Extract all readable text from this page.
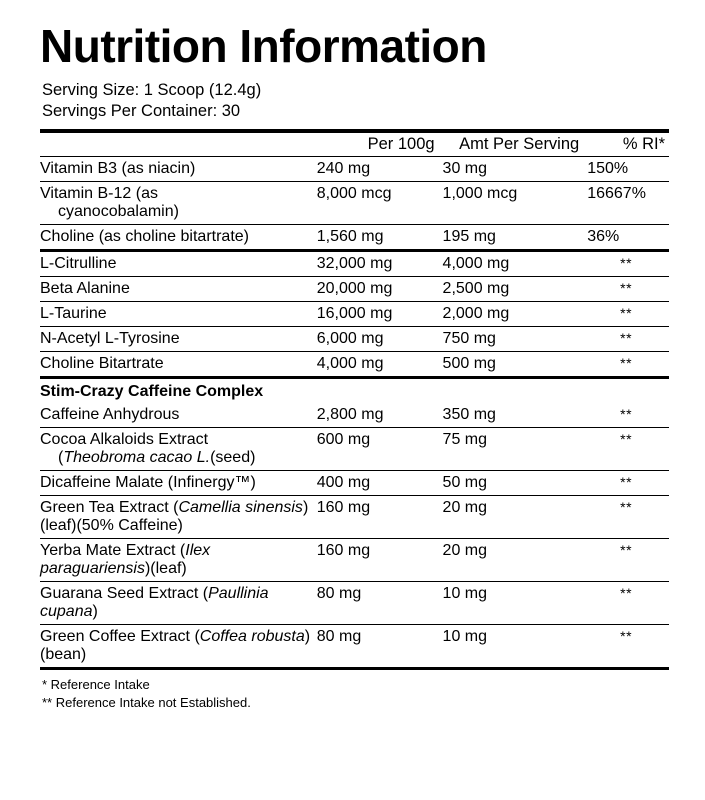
Nutrition Information
Serving Size: 1 Scoop (12.4g)
Servings Per Container: 30
	Per 100g	Amt Per Serving	% RI*
Vitamin B3 (as niacin)	240 mg	30 mg	150%

Vitamin B-12 (as
cyanocobalamin)	8,000 mcg	1,000 mcg	16667%
Choline (as choline bitartrate)	1,560 mg	195 mg	36%
L-Citrulline	32,000 mg	4,000 mg	**
Beta Alanine	20,000 mg	2,500 mg	**
L-Taurine	16,000 mg	2,000 mg	**
N-Acetyl L-Tyrosine	6,000 mg	750 mg	**
Choline Bitartrate	4,000 mg	500 mg	**
Stim-Crazy Caffeine Complex			
Caffeine Anhydrous	2,800 mg	350 mg	**

Cocoa Alkaloids Extract
(Theobroma cacao L.(seed)	600 mg	75 mg	**
Dicaffeine Malate (Infinergy™)	400 mg	50 mg	**
Green Tea Extract (Camellia sinensis)(leaf)(50% Caffeine)	160 mg	20 mg	**
Yerba Mate Extract (Ilex paraguariensis)(leaf)	160 mg	20 mg	**
Guarana Seed Extract (Paullinia cupana)	80 mg	10 mg	**
Green Coffee Extract (Coffea robusta)(bean)	80 mg	10 mg	**
* Reference Intake
** Reference Intake not Established.
